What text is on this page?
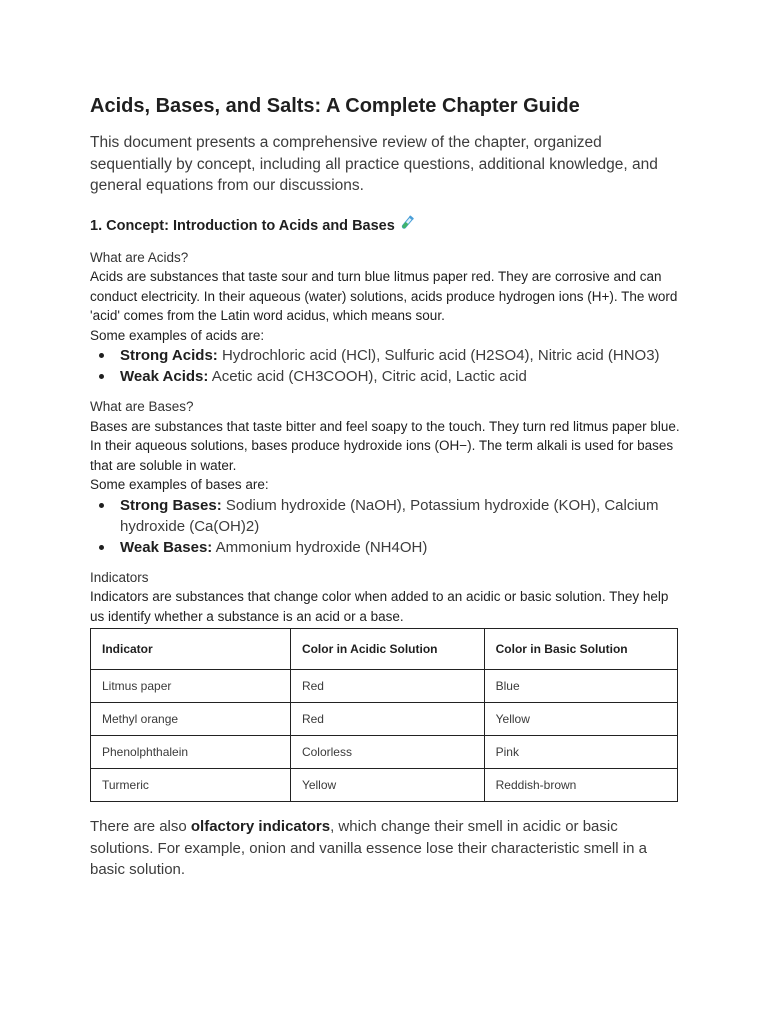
Acids, Bases, and Salts: A Complete Chapter Guide

This document presents a comprehensive review of the chapter, organized sequentially by concept, including all practice questions, additional knowledge, and general equations from our discussions.

1. Concept: Introduction to Acids and Bases

What are Acids?

Acids are substances that taste sour and turn blue litmus paper red. They are corrosive and can conduct electricity. In their aqueous (water) solutions, acids produce hydrogen ions (H+). The word 'acid' comes from the Latin word acidus, which means sour.

Some examples of acids are:

Strong Acids: Hydrochloric acid (HCl), Sulfuric acid (H2SO4), Nitric acid (HNO3)
Weak Acids: Acetic acid (CH3COOH), Citric acid, Lactic acid

What are Bases?

Bases are substances that taste bitter and feel soapy to the touch. They turn red litmus paper blue. In their aqueous solutions, bases produce hydroxide ions (OH−). The term alkali is used for bases that are soluble in water.

Some examples of bases are:

Strong Bases: Sodium hydroxide (NaOH), Potassium hydroxide (KOH), Calcium hydroxide (Ca(OH)2)
Weak Bases: Ammonium hydroxide (NH4OH)

Indicators

Indicators are substances that change color when added to an acidic or basic solution. They help us identify whether a substance is an acid or a base.

Indicator	Color in Acidic Solution	Color in Basic Solution
Litmus paper	Red	Blue
Methyl orange	Red	Yellow
Phenolphthalein	Colorless	Pink
Turmeric	Yellow	Reddish-brown

There are also olfactory indicators, which change their smell in acidic or basic solutions. For example, onion and vanilla essence lose their characteristic smell in a basic solution.
